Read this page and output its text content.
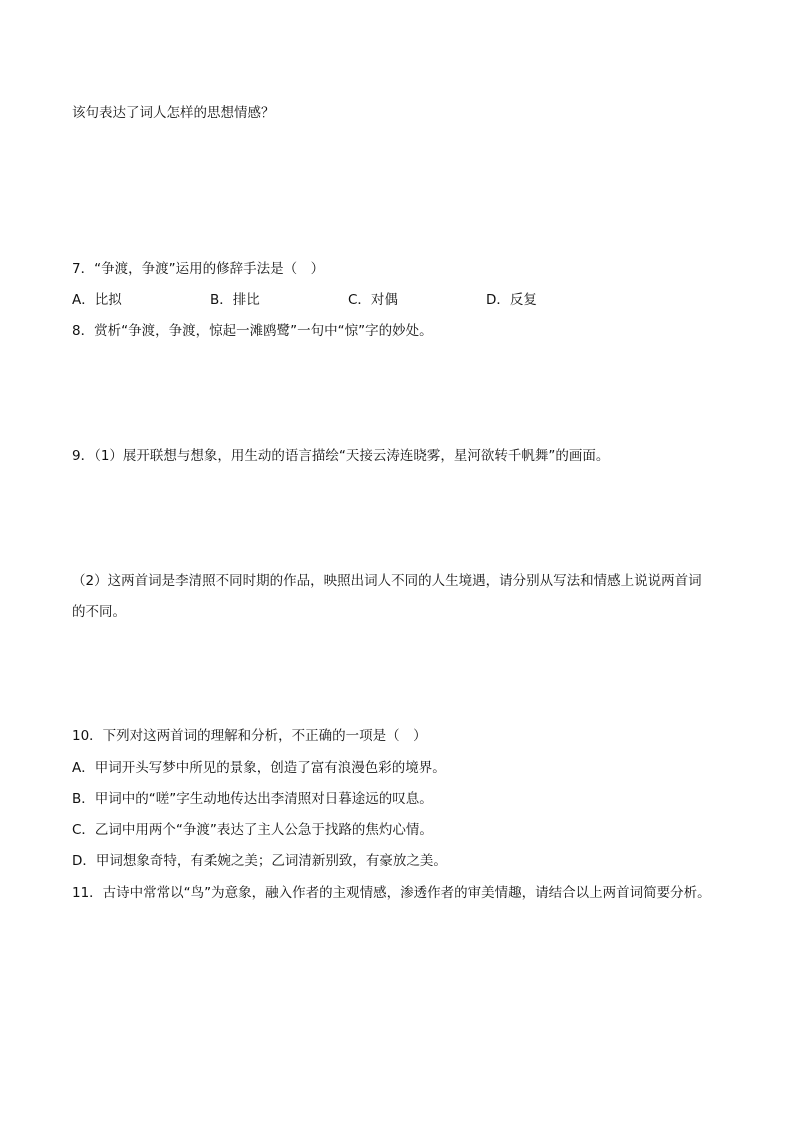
该句表达了词人怎样的思想情感？
7．“争渡，争渡”运用的修辞手法是（　）
A．比拟	B．排比	C．对偶	D．反复
8．赏析“争渡，争渡，惊起一滩鸥鹭”一句中“惊”字的妙处。
9．（1）展开联想与想象，用生动的语言描绘“天接云涛连晓雾，星河欲转千帆舞”的画面。
（2）这两首词是李清照不同时期的作品，映照出词人不同的人生境遇，请分别从写法和情感上说说两首词
的不同。
10．下列对这两首词的理解和分析，不正确的一项是（　）
A．甲词开头写梦中所见的景象，创造了富有浪漫色彩的境界。
B．甲词中的“嗟”字生动地传达出李清照对日暮途远的叹息。
C．乙词中用两个“争渡”表达了主人公急于找路的焦灼心情。
D．甲词想象奇特，有柔婉之美；乙词清新别致，有豪放之美。
11．古诗中常常以“鸟”为意象，融入作者的主观情感，渗透作者的审美情趣，请结合以上两首词简要分析。
